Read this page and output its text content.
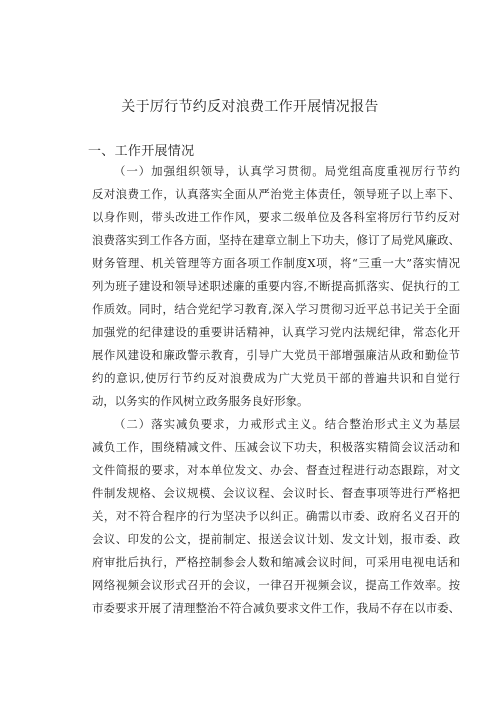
关于厉行节约反对浪费工作开展情况报告
一、工作开展情况
（一）加强组织领导，认真学习贯彻。局党组高度重视厉行节约
反对浪费工作，认真落实全面从严治党主体责任，领导班子以上率下、
以身作则，带头改进工作作风，要求二级单位及各科室将厉行节约反对
浪费落实到工作各方面，坚持在建章立制上下功夫，修订了局党风廉政、
财务管理、机关管理等方面各项工作制度X项，将“三重一大”落实情况
列为班子建设和领导述职述廉的重要内容,不断提高抓落实、促执行的工
作质效。同时，结合党纪学习教育,深入学习贯彻习近平总书记关于全面
加强党的纪律建设的重要讲话精神，认真学习党内法规纪律，常态化开
展作风建设和廉政警示教育，引导广大党员干部增强廉洁从政和勤俭节
约的意识,使厉行节约反对浪费成为广大党员干部的普遍共识和自觉行
动，以务实的作风树立政务服务良好形象。
（二）落实减负要求，力戒形式主义。结合整治形式主义为基层
减负工作，围绕精减文件、压减会议下功夫，积极落实精简会议活动和
文件简报的要求，对本单位发文、办会、督查过程进行动态跟踪，对文
件制发规格、会议规模、会议议程、会议时长、督查事项等进行严格把
关，对不符合程序的行为坚决予以纠正。确需以市委、政府名义召开的
会议、印发的公文，提前制定、报送会议计划、发文计划，报市委、政
府审批后执行，严格控制参会人数和缩减会议时间，可采用电视电话和
网络视频会议形式召开的会议，一律召开视频会议，提高工作效率。按
市委要求开展了清理整治不符合减负要求文件工作，我局不存在以市委、
